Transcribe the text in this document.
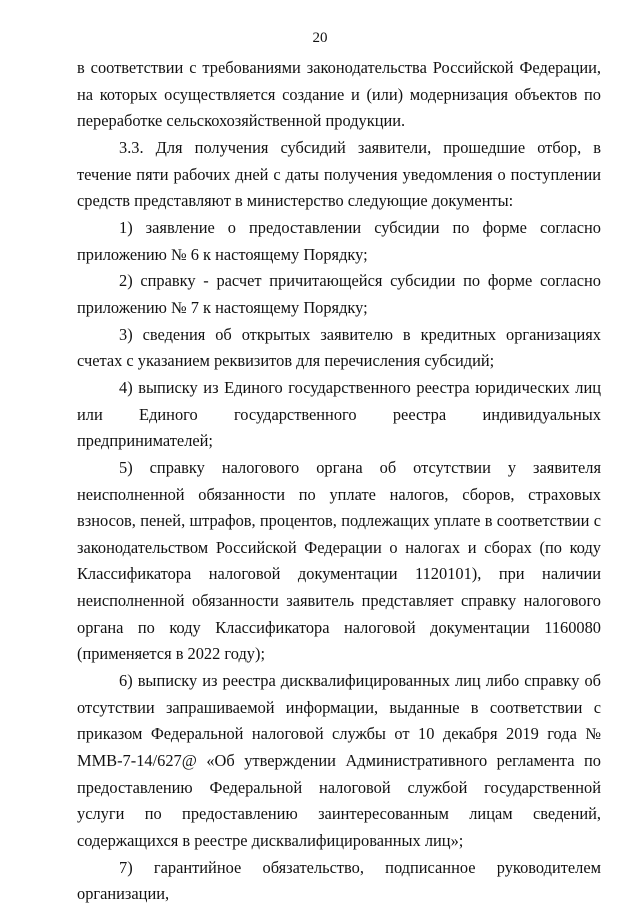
20

в соответствии с требованиями законодательства Российской Федерации, на которых осуществляется создание и (или) модернизация объектов по переработке сельскохозяйственной продукции.

3.3. Для получения субсидий заявители, прошедшие отбор, в течение пяти рабочих дней с даты получения уведомления о поступлении средств представляют в министерство следующие документы:

1) заявление о предоставлении субсидии по форме согласно приложению № 6 к настоящему Порядку;

2) справку - расчет причитающейся субсидии по форме согласно приложению № 7 к настоящему Порядку;

3) сведения об открытых заявителю в кредитных организациях счетах с указанием реквизитов для перечисления субсидий;

4) выписку из Единого государственного реестра юридических лиц или Единого государственного реестра индивидуальных предпринимателей;

5) справку налогового органа об отсутствии у заявителя неисполненной обязанности по уплате налогов, сборов, страховых взносов, пеней, штрафов, процентов, подлежащих уплате в соответствии с законодательством Российской Федерации о налогах и сборах (по коду Классификатора налоговой документации 1120101), при наличии неисполненной обязанности заявитель представляет справку налогового органа по коду Классификатора налоговой документации 1160080 (применяется в 2022 году);

6) выписку из реестра дисквалифицированных лиц либо справку об отсутствии запрашиваемой информации, выданные в соответствии с приказом Федеральной налоговой службы от 10 декабря 2019 года № ММВ-7-14/627@ «Об утверждении Административного регламента по предоставлению Федеральной налоговой службой государственной услуги по предоставлению заинтересованным лицам сведений, содержащихся в реестре дисквалифицированных лиц»;

7) гарантийное обязательство, подписанное руководителем организации,
